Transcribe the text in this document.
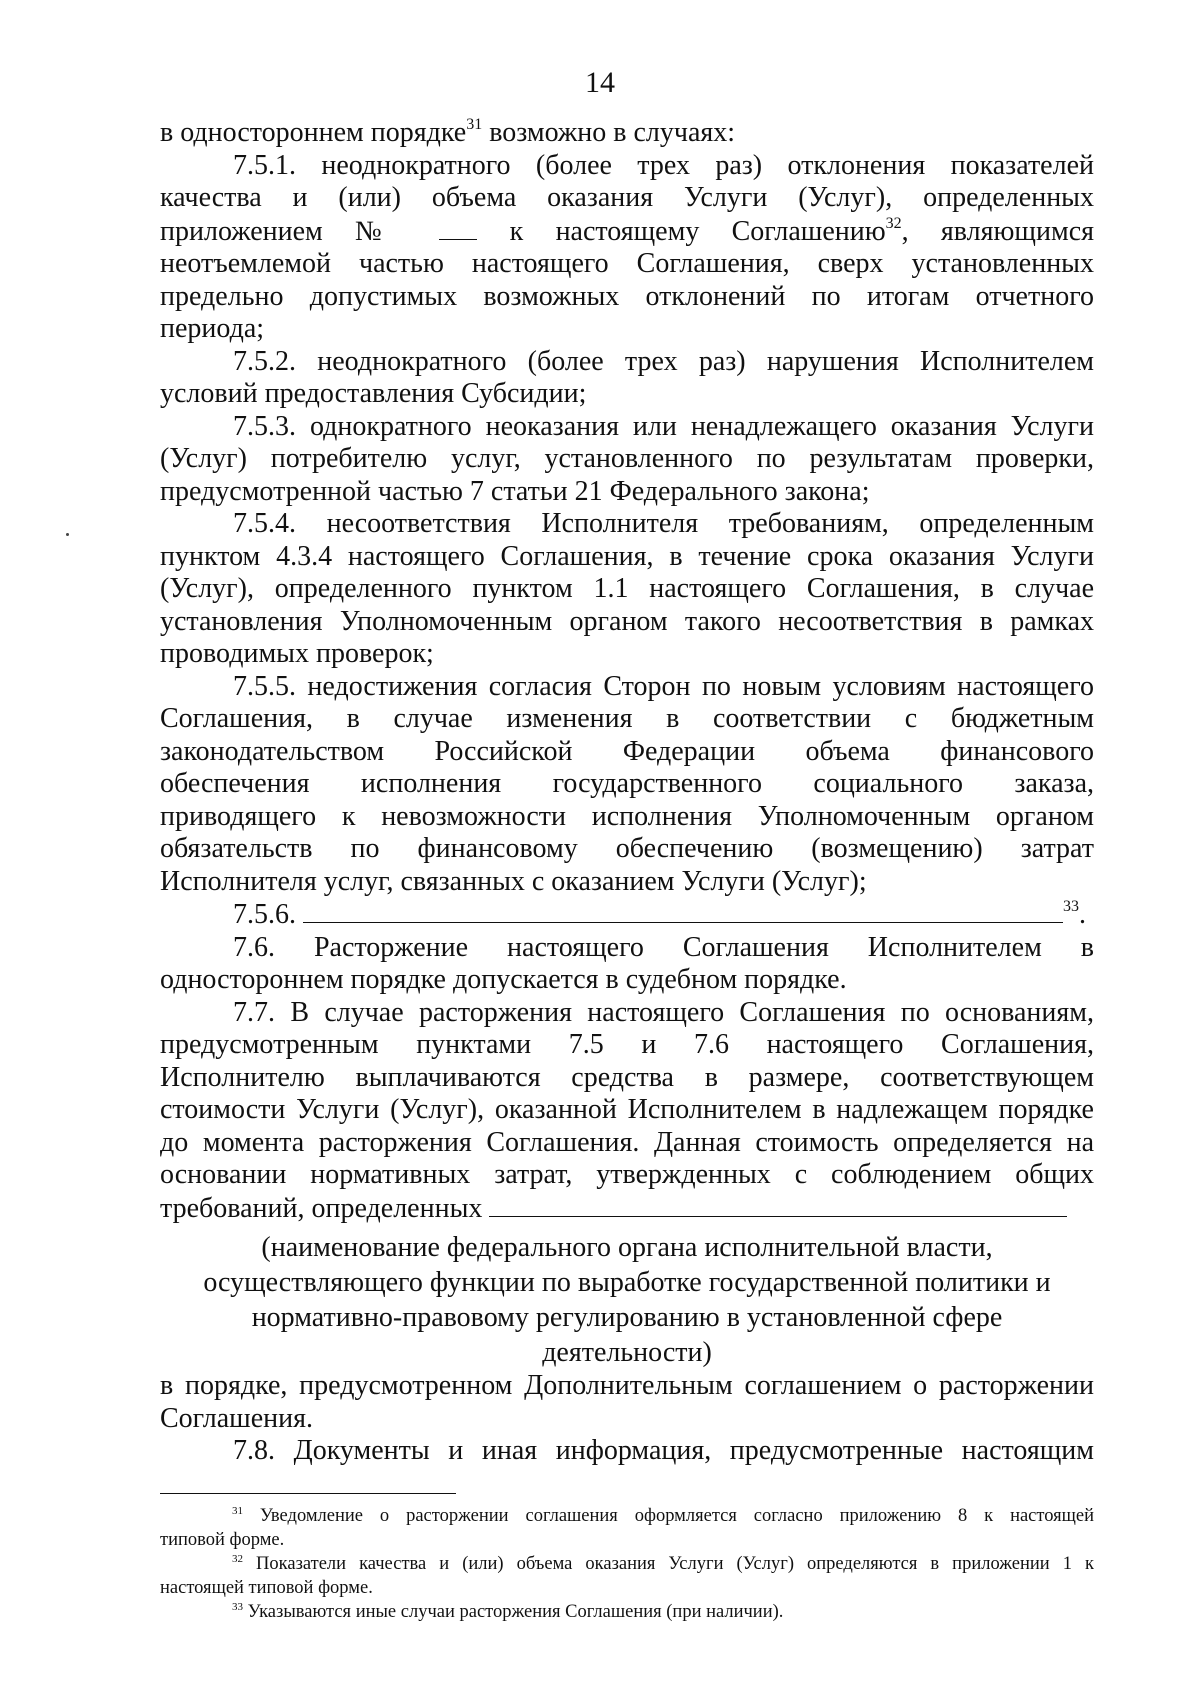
14

в одностороннем порядке$^{31}$ возможно в случаях:

7.5.1. неоднократного (более трех раз) отклонения показателей

качества и (или) объема оказания Услуги (Услуг), определенных

приложением №	к настоящему Соглашению$^{32}$, являющимся

неотъемлемой частью настоящего Соглашения, сверх установленных

предельно допустимых возможных отклонений по итогам отчетного

периода;

7.5.2. неоднократного (более трех раз) нарушения Исполнителем

условий предоставления Субсидии;

7.5.3. однократного неоказания или ненадлежащего оказания Услуги

(Услуг) потребителю услуг, установленного по результатам проверки,

предусмотренной частью 7 статьи 21 Федерального закона;

7.5.4. несоответствия Исполнителя требованиям, определенным

пунктом 4.3.4 настоящего Соглашения, в течение срока оказания Услуги

(Услуг), определенного пунктом 1.1 настоящего Соглашения, в случае

установления Уполномоченным органом такого несоответствия в рамках

проводимых проверок;

7.5.5. недостижения согласия Сторон по новым условиям настоящего

Соглашения, в случае изменения в соответствии с бюджетным

законодательством Российской Федерации объема финансового

обеспечения исполнения государственного социального заказа,

приводящего к невозможности исполнения Уполномоченным органом

обязательств по финансовому обеспечению (возмещению) затрат

Исполнителя услуг, связанных с оказанием Услуги (Услуг);

7.5.6.	$^{33}$.

7.6. Расторжение настоящего Соглашения Исполнителем в

одностороннем порядке допускается в судебном порядке.

7.7. В случае расторжения настоящего Соглашения по основаниям,

предусмотренным пунктами 7.5 и 7.6 настоящего Соглашения,

Исполнителю выплачиваются средства в размере, соответствующем

стоимости Услуги (Услуг), оказанной Исполнителем в надлежащем порядке

до момента расторжения Соглашения. Данная стоимость определяется на

основании нормативных затрат, утвержденных с соблюдением общих

требований, определенных

(наименование федерального органа исполнительной власти,
осуществляющего функции по выработке государственной политики и
нормативно-правовому регулированию в установленной сфере
деятельности)

в порядке, предусмотренном Дополнительным соглашением о расторжении

Соглашения.

7.8. Документы и иная информация, предусмотренные настоящим

$^{31}$ Уведомление о расторжении соглашения оформляется согласно приложению 8 к настоящей

типовой форме.

$^{32}$ Показатели качества и (или) объема оказания Услуги (Услуг) определяются в приложении 1 к

настоящей типовой форме.

$^{33}$ Указываются иные случаи расторжения Соглашения (при наличии).
